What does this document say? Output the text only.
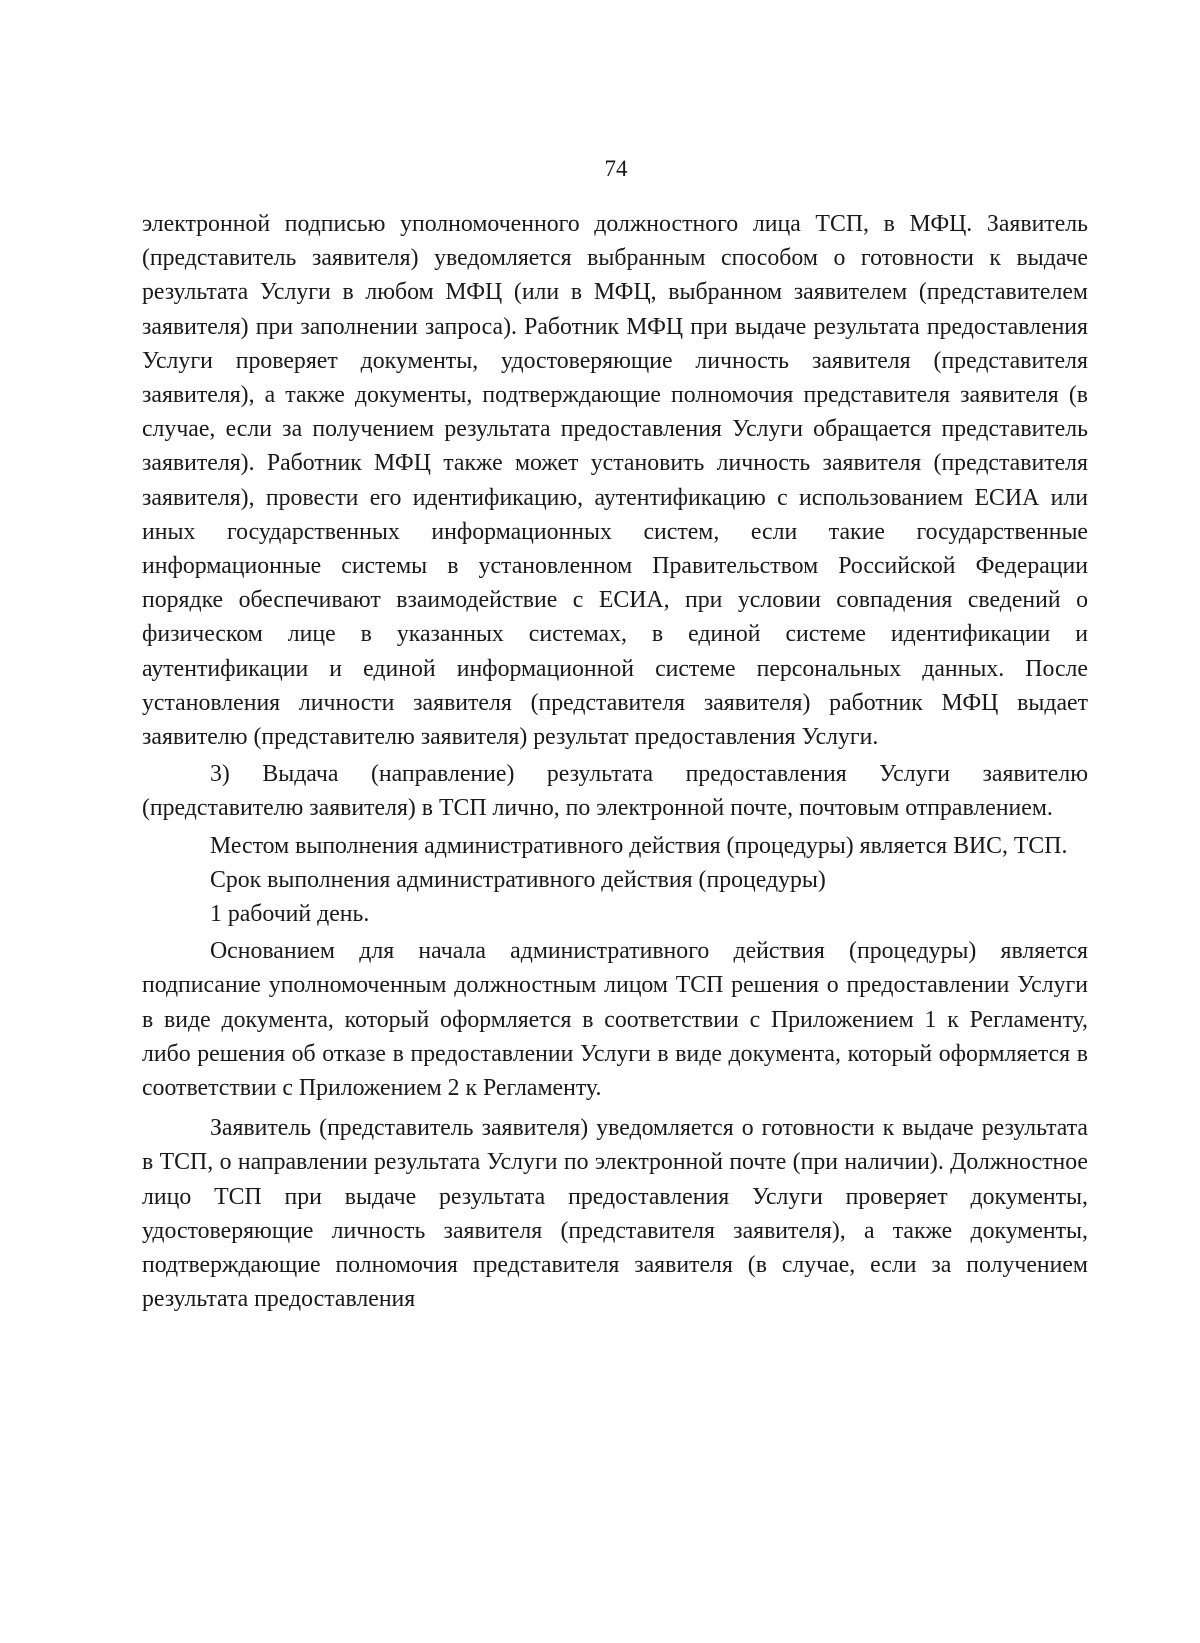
74

электронной подписью уполномоченного должностного лица ТСП, в МФЦ. Заявитель (представитель заявителя) уведомляется выбранным способом о готовности к выдаче результата Услуги в любом МФЦ (или в МФЦ, выбранном заявителем (представителем заявителя) при заполнении запроса). Работник МФЦ при выдаче результата предоставления Услуги проверяет документы, удостоверяющие личность заявителя (представителя заявителя), а также документы, подтверждающие полномочия представителя заявителя (в случае, если за получением результата предоставления Услуги обращается представитель заявителя). Работник МФЦ также может установить личность заявителя (представителя заявителя), провести его идентификацию, аутентификацию с использованием ЕСИА или иных государственных информационных систем, если такие государственные информационные системы в установленном Правительством Российской Федерации порядке обеспечивают взаимодействие с ЕСИА, при условии совпадения сведений о физическом лице в указанных системах, в единой системе идентификации и аутентификации и единой информационной системе персональных данных. После установления личности заявителя (представителя заявителя) работник МФЦ выдает заявителю (представителю заявителя) результат предоставления Услуги.

3) Выдача (направление) результата предоставления Услуги заявителю (представителю заявителя) в ТСП лично, по электронной почте, почтовым отправлением.

Местом выполнения административного действия (процедуры) является ВИС, ТСП.

Срок выполнения административного действия (процедуры)

1 рабочий день.

Основанием для начала административного действия (процедуры) является подписание уполномоченным должностным лицом ТСП решения о предоставлении Услуги в виде документа, который оформляется в соответствии с Приложением 1 к Регламенту, либо решения об отказе в предоставлении Услуги в виде документа, который оформляется в соответствии с Приложением 2 к Регламенту.

Заявитель (представитель заявителя) уведомляется о готовности к выдаче результата в ТСП, о направлении результата Услуги по электронной почте (при наличии). Должностное лицо ТСП при выдаче результата предоставления Услуги проверяет документы, удостоверяющие личность заявителя (представителя заявителя), а также документы, подтверждающие полномочия представителя заявителя (в случае, если за получением результата предоставления
